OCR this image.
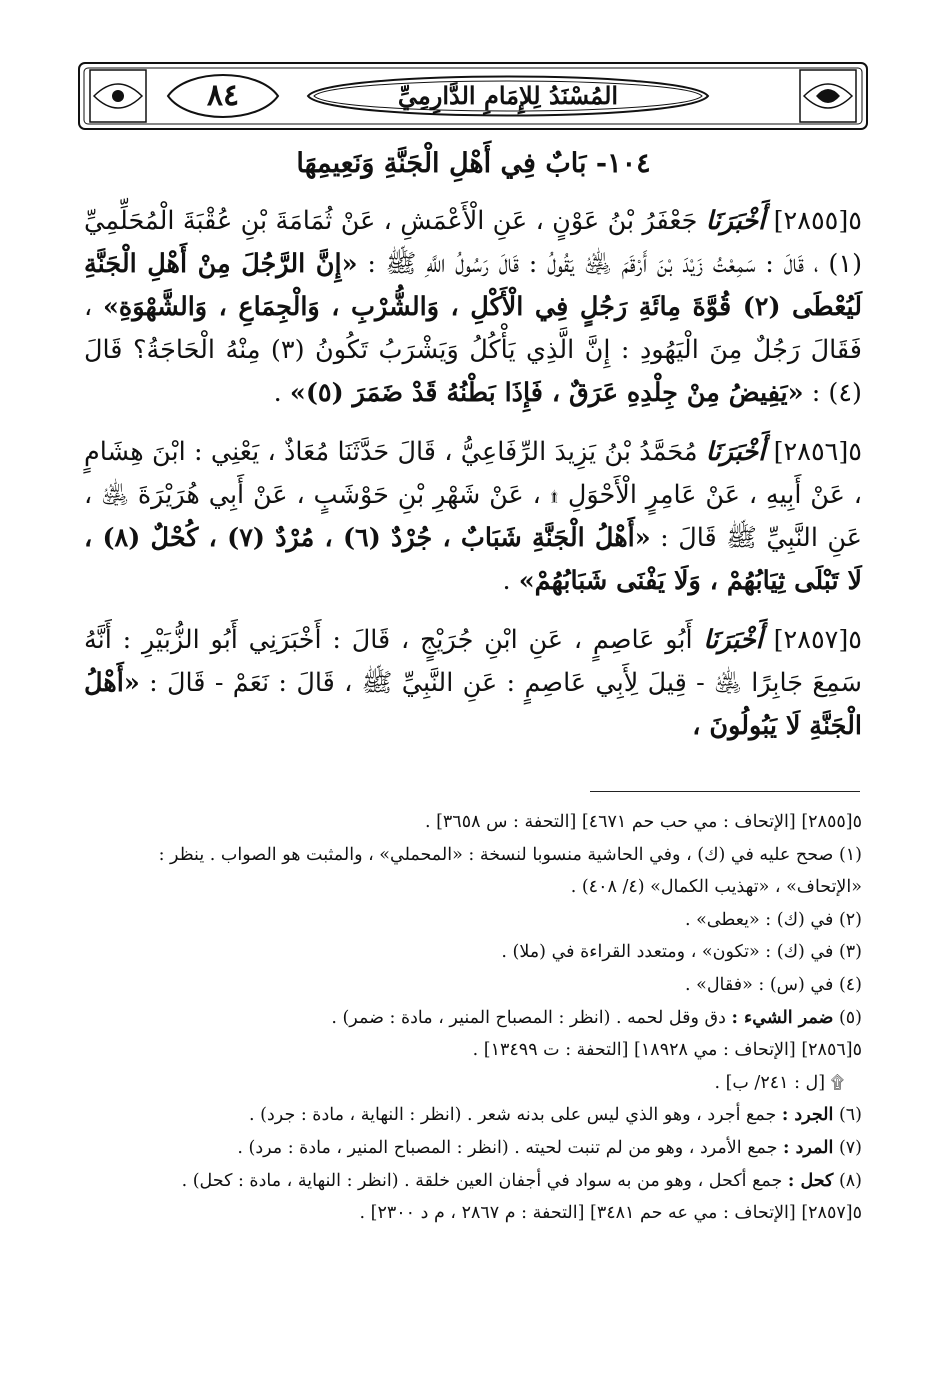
٨٤	المُسْنَدُ لِلإِمَامِ الدَّارِمِيِّ
١٠٤- بَابٌ فِي أَهْلِ الْجَنَّةِ وَنَعِيمِهَا

٥[٢٨٥٥] أَخْبَرَنَا جَعْفَرُ بْنُ عَوْنٍ ، عَنِ الْأَعْمَشِ ، عَنْ ثُمَامَةَ بْنِ عُقْبَةَ الْمُحَلِّمِيِّ (١) ، قَالَ : سَمِعْتُ زَيْدَ بْنَ أَرْقَمَ ﵁ يَقُولُ : قَالَ رَسُولُ اللَّهِ ﷺ : «إِنَّ الرَّجُلَ مِنْ أَهْلِ الْجَنَّةِ لَيُعْطَى (٢) قُوَّةَ مِائَةِ رَجُلٍ فِي الْأَكْلِ ، وَالشُّرْبِ ، وَالْجِمَاعِ ، وَالشَّهْوَةِ» ، فَقَالَ رَجُلٌ مِنَ الْيَهُودِ : إِنَّ الَّذِي يَأْكُلُ وَيَشْرَبُ تَكُونُ (٣) مِنْهُ الْحَاجَةُ؟ قَالَ (٤) : «يَفِيضُ مِنْ جِلْدِهِ عَرَقٌ ، فَإِذَا بَطْنُهُ قَدْ ضَمَرَ (٥)» .

٥[٢٨٥٦] أَخْبَرَنَا مُحَمَّدُ بْنُ يَزِيدَ الرِّفَاعِيُّ ، قَالَ حَدَّثَنَا مُعَاذٌ ، يَعْنِي : ابْنَ هِشَامٍ ، عَنْ أَبِيهِ ، عَنْ عَامِرٍ الْأَحْوَلِ ۩ ، عَنْ شَهْرِ بْنِ حَوْشَبٍ ، عَنْ أَبِي هُرَيْرَةَ ﵁ ، عَنِ النَّبِيِّ ﷺ قَالَ : «أَهْلُ الْجَنَّةِ شَبَابٌ ، جُرْدٌ (٦) ، مُرْدٌ (٧) ، كُحْلٌ (٨) ، لَا تَبْلَى ثِيَابُهُمْ ، وَلَا يَفْنَى شَبَابُهُمْ» .

٥[٢٨٥٧] أَخْبَرَنَا أَبُو عَاصِمٍ ، عَنِ ابْنِ جُرَيْجٍ ، قَالَ : أَخْبَرَنِي أَبُو الزُّبَيْرِ : أَنَّهُ سَمِعَ جَابِرًا ﵁ - قِيلَ لِأَبِي عَاصِمٍ : عَنِ النَّبِيِّ ﷺ ، قَالَ : نَعَمْ - قَالَ : «أَهْلُ الْجَنَّةِ لَا يَبُولُونَ ،

٥[٢٨٥٥] [الإتحاف : مي حب حم ٤٦٧١] [التحفة : س ٣٦٥٨] .

(١) صحح عليه في (ك) ، وفي الحاشية منسوبا لنسخة : «المحملي» ، والمثبت هو الصواب . ينظر : «الإتحاف» ، «تهذيب الكمال» (٤/ ٤٠٨) .

(٢) في (ك) : «يعطى» .

(٣) في (ك) : «تكون» ، ومتعدد القراءة في (ملا) .

(٤) في (س) : «فقال» .

(٥) ضمر الشيء : دق وقل لحمه . (انظر : المصباح المنير ، مادة : ضمر) .

٥[٢٨٥٦] [الإتحاف : مي ١٨٩٢٨] [التحفة : ت ١٣٤٩٩] .

۩ [ل : ٢٤١/ ب] .

(٦) الجرد : جمع أجرد ، وهو الذي ليس على بدنه شعر . (انظر : النهاية ، مادة : جرد) .

(٧) المرد : جمع الأمرد ، وهو من لم تنبت لحيته . (انظر : المصباح المنير ، مادة : مرد) .

(٨) كحل : جمع أكحل ، وهو من به سواد في أجفان العين خلقة . (انظر : النهاية ، مادة : كحل) .

٥[٢٨٥٧] [الإتحاف : مي عه حم ٣٤٨١] [التحفة : م ٢٨٦٧ ، م د ٢٣٠٠] .
